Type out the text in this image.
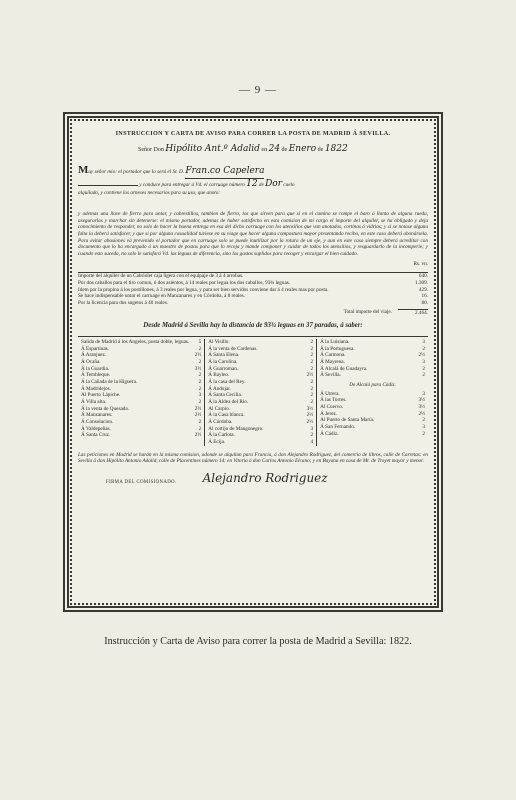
— 9 —
INSTRUCCION Y CARTA DE AVISO PARA CORRER LA POSTA DE MADRID Á SEVILLA.
Señor Don Hipólito Ant.º Adalid en 24 de Enero de 1822
Muy señor mio: el portador que lo será el Sr. D. Fran.co Capelera
y conduce para entregar á Vd. el carruage número 12 de Dor cuelo
alquilado, y contiene los arneses necesarios para su uso, que anoto:
y ademas una llave de fierro para untar, y cabrestillos, tambien de fierro, los que sirven para que si en el camino se rompe el baro ó llanta de alguna rueda, asegurarlas y marchar sin detenerse: el mismo portador, ademas de haber satisfecho en esta comision de mi cargo el importe del alquiler, se ha obligado y deja conocimiento de responder, no solo de hacer la buena entrega en esa del dicho carruage con los utensilios que van anotados, cortinas ó vidrios; y si se notase alguna falta la deberá satisfacer, y que si por alguna casualidad tuviese en su viage que hacer alguna compostura mayor presentando recibo, en este caso deberá abonársela. Para evitar abusiones vá prevenido el portador que en carruage solo se puede inutilizar por la rotura de un eje, y aun en este caso siempre deberá acreditar con documento que lo ha encargado á un maestro de postas para que lo recoja y mande componer y cuidar de todos los utensilios, y resguardarlo de la incomperie; y cuando esto suceda, no solo le satisfará Vd. las leguas de diferencia, sino los gastos suplidos para recoger y encargar el bien cuidado.
Rs. vn.
Importe del alquiler de un Cabriolet caja ligera con el equipaje de 3 á 4 arrobas.	640.
Por dos caballos para el tiro comun, ó dos asientos, á 14 reales por legua los dos caballos, 93¾ leguas.	1.309.
Idem por la propina á los postillones, á 3 reales por legua, y para ser bien servidos conviene dar á 4 reales mas por posta.	429.
Se hace indispensable untar el carruage en Manzanares y en Córdoba, á 8 reales.	16.
Por la licencia para dos sugetos á 40 reales.	80.
Total importe del viaje.	2.464.
Desde Madrid á Sevilla hay la distancia de 93¾ leguas en 37 paradas, á saber:
Salida de Madrid á los Angeles, posta doble, leguas.	5
Á Espartinas.	2
Á Aranjuez.	2½
Á Ocaña.	2
Á la Guardia.	3½
Á Tembleque.	2
Á la Cañada de la Higuera.	2
Á Madridejos.	2
Al Puerto Lápiche.	3
Á Villa alta.	2
Á la venta de Quesada.	2½
Á Manzanares.	2½
Á Consolacion.	2
Á Valdepeñas.	2
Á Santa Cruz.	2½
Al Visillo.	2
Á la venta de Cardenas.	2
Á Santa Elena.	2
Á la Carolina.	2
Á Guarroman.	2
Á Bayleo.	2½
Á la casa del Rey.	2
Á Andujar.	2
Á Santa Cecilia.	2
Á la Aldea del Rio.	2
Al Carpio.	3½
Á la Casa blanca.	2½
Á Córdoba.	2½
Al cortijo de Mangonegro.	3
Á la Carlota.	2
Á Ecija.	4
Á la Luisiana.	3
Á la Portuguesa.	2
Á Carmona.	2½
Á Mayrena.	3
Á Alcalá de Guadayra.	2
Á Sevilla.	2
De Alcalá para Cádiz.
Á Utrera.	3
Á las Torres.	3½
Al Cuervo.	3½
Á Jerez.	2½
Al Puerto de Santa María.	2
Á San Fernando.	3
Á Cádiz.	2
Las peticiones en Madrid se harán en la misma comision, adonde se alquilan para Francia, á don Alejandro Rodriguez, del comercio de libros, calle de Carretas: en Sevilla á don Hipólito Antonio Adalid, calle de Placentines número 14: en Vitoria á don Carlos Antonio Elcano; y en Bayona en casa de Mr. de Troyet mayor y menor.
FIRMA DEL COMISIONADO. Alejandro Rodriguez
Instrucción y Carta de Aviso para correr la posta de Madrid a Sevilla: 1822.
